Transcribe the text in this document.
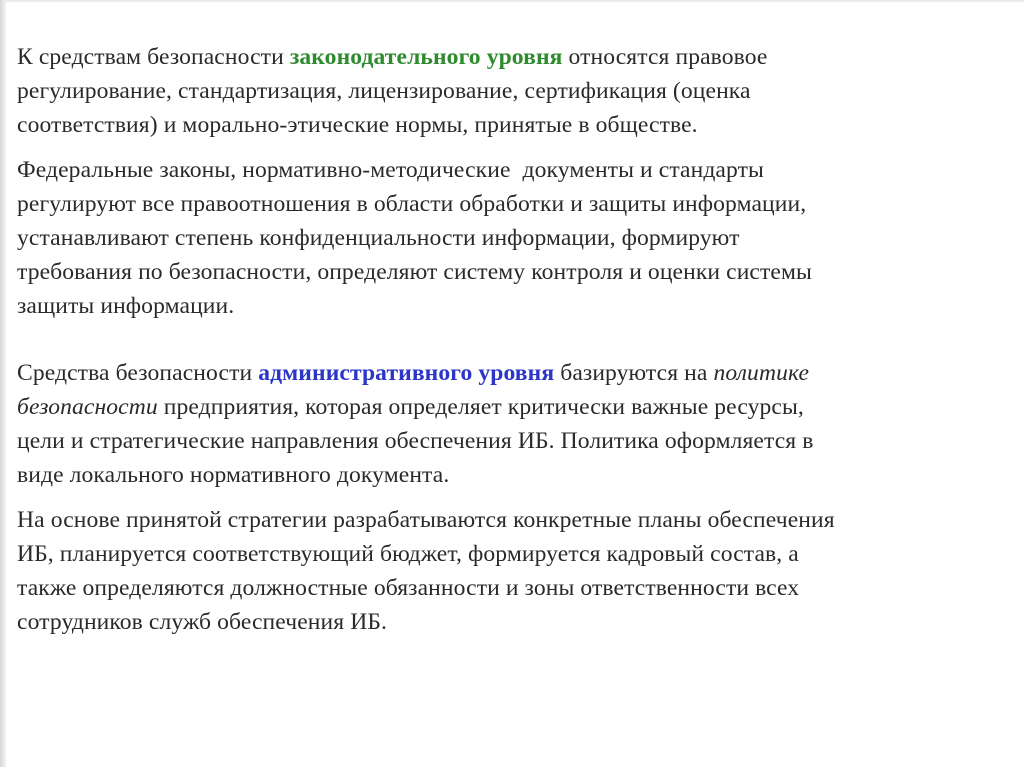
К средствам безопасности законодательного уровня относятся правовое
регулирование, стандартизация, лицензирование, сертификация (оценка
соответствия) и морально-этические нормы, принятые в обществе.

Федеральные законы, нормативно-методические  документы и стандарты
регулируют все правоотношения в области обработки и защиты информации,
устанавливают степень конфиденциальности информации, формируют
требования по безопасности, определяют систему контроля и оценки системы
защиты информации.

Средства безопасности административного уровня базируются на политике
безопасности предприятия, которая определяет критически важные ресурсы,
цели и стратегические направления обеспечения ИБ. Политика оформляется в
виде локального нормативного документа.

На основе принятой стратегии разрабатываются конкретные планы обеспечения
ИБ, планируется соответствующий бюджет, формируется кадровый состав, а
также определяются должностные обязанности и зоны ответственности всех
сотрудников служб обеспечения ИБ.
